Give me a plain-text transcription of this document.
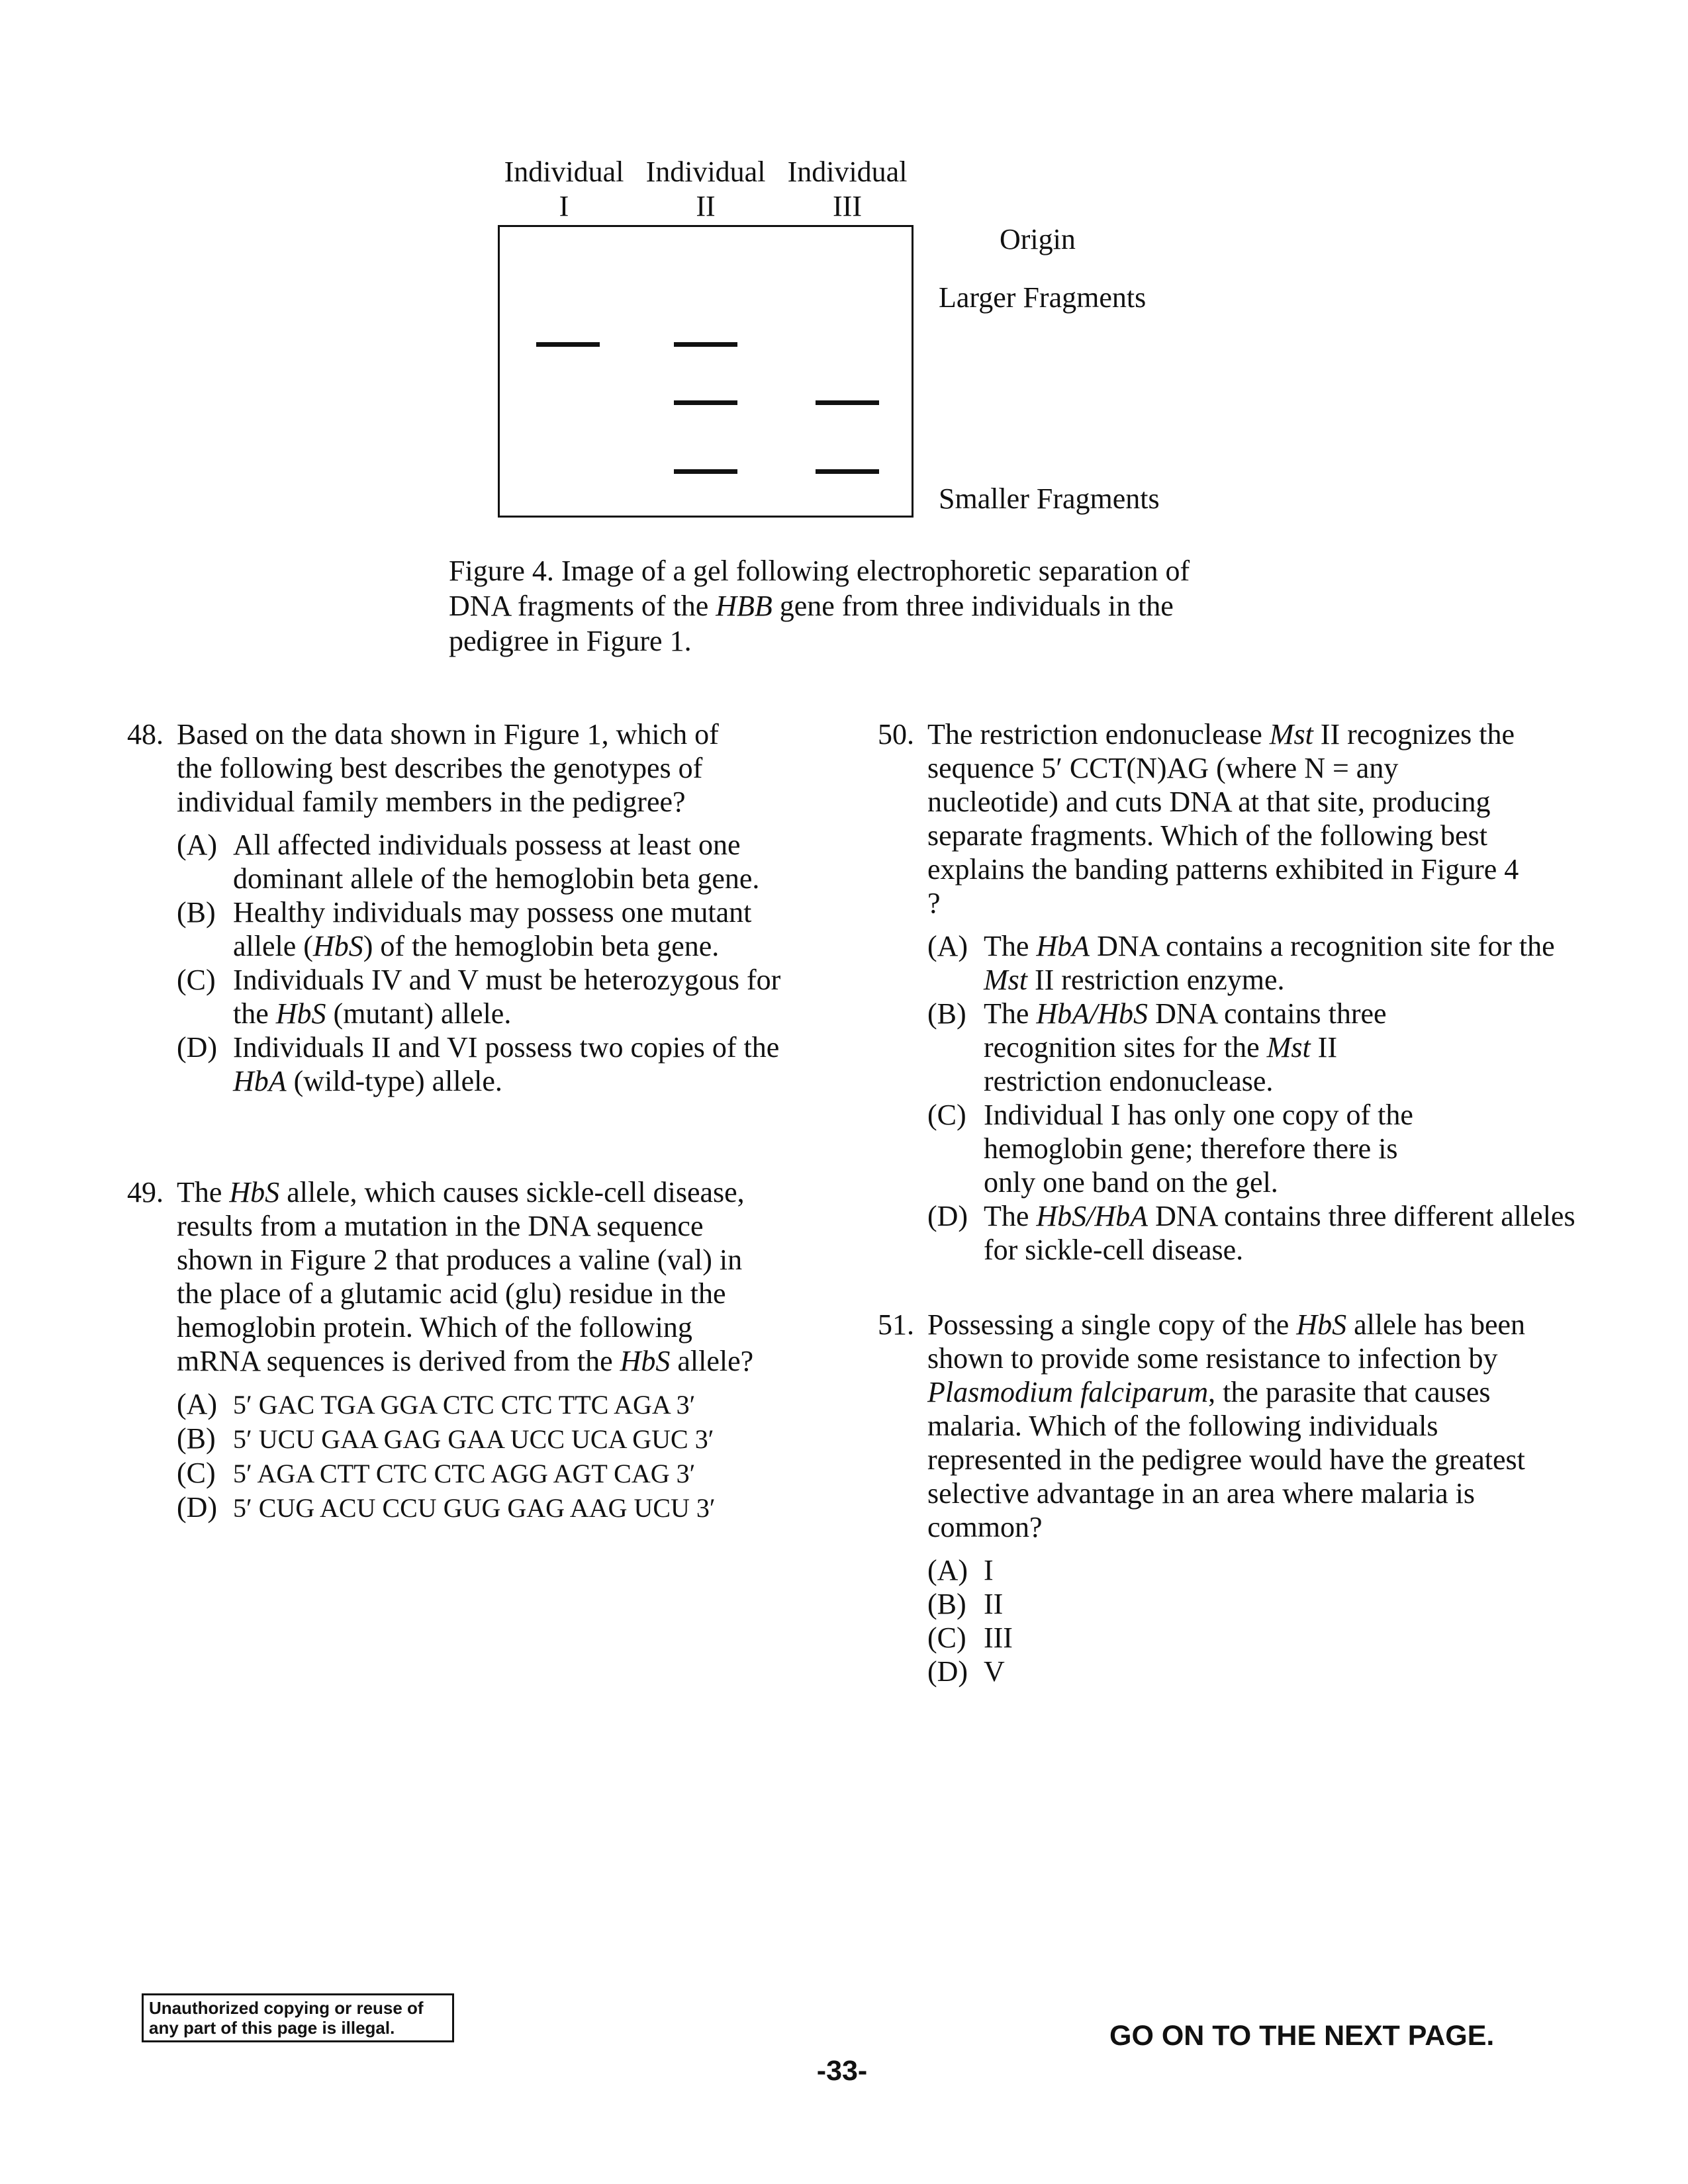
Individual
I
Individual
II
Individual
III
Origin
Larger Fragments
Smaller Fragments
Figure 4. Image of a gel following electrophoretic separation of
DNA fragments of the HBB gene from three individuals in the
pedigree in Figure 1.
48. Based on the data shown in Figure 1, which of the following best describes the genotypes of individual family members in the pedigree?
(A) All affected individuals possess at least one dominant allele of the hemoglobin beta gene.
(B) Healthy individuals may possess one mutant allele (HbS) of the hemoglobin beta gene.
(C) Individuals IV and V must be heterozygous for the HbS (mutant) allele.
(D) Individuals II and VI possess two copies of the HbA (wild-type) allele.
49. The HbS allele, which causes sickle-cell disease, results from a mutation in the DNA sequence shown in Figure 2 that produces a valine (val) in the place of a glutamic acid (glu) residue in the hemoglobin protein. Which of the following mRNA sequences is derived from the HbS allele?
(A) 5′ GAC TGA GGA CTC CTC TTC AGA 3′
(B) 5′ UCU GAA GAG GAA UCC UCA GUC 3′
(C) 5′ AGA CTT CTC CTC AGG AGT CAG 3′
(D) 5′ CUG ACU CCU GUG GAG AAG UCU 3′
50. The restriction endonuclease Mst II recognizes the sequence 5′ CCT(N)AG (where N = any nucleotide) and cuts DNA at that site, producing separate fragments. Which of the following best explains the banding patterns exhibited in Figure 4 ?
(A) The HbA DNA contains a recognition site for the Mst II restriction enzyme.
(B) The HbA/HbS DNA contains three recognition sites for the Mst II restriction endonuclease.
(C) Individual I has only one copy of the hemoglobin gene; therefore there is only one band on the gel.
(D) The HbS/HbA DNA contains three different alleles for sickle-cell disease.
51. Possessing a single copy of the HbS allele has been shown to provide some resistance to infection by Plasmodium falciparum, the parasite that causes malaria. Which of the following individuals represented in the pedigree would have the greatest selective advantage in an area where malaria is common?
(A) I
(B) II
(C) III
(D) V
Unauthorized copying or reuse of
any part of this page is illegal.	GO ON TO THE NEXT PAGE.
-33-
